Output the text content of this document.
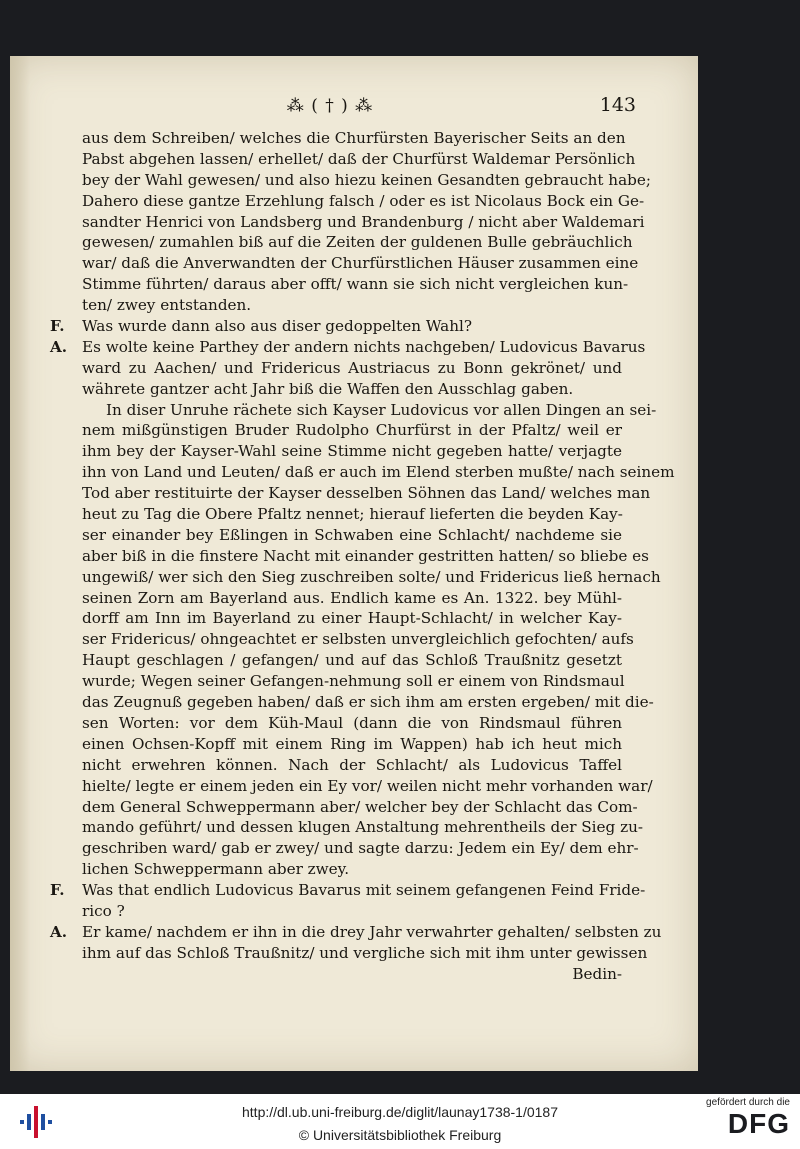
⁂ ( † ) ⁂	143
aus dem Schreiben/ welches die Churfürsten Bayerischer Seits an den
Pabst abgehen lassen/ erhellet/ daß der Churfürst Waldemar Persönlich
bey der Wahl gewesen/ und also hiezu keinen Gesandten gebraucht habe;
Dahero diese gantze Erzehlung falsch / oder es ist Nicolaus Bock ein Ge-
sandter Henrici von Landsberg und Brandenburg / nicht aber Waldemari
gewesen/ zumahlen biß auf die Zeiten der guldenen Bulle gebräuchlich
war/ daß die Anverwandten der Churfürstlichen Häuser zusammen eine
Stimme führten/ daraus aber offt/ wann sie sich nicht vergleichen kun-
ten/ zwey entstanden.
F.	Was wurde dann also aus diser gedoppelten Wahl?
A. Es wolte keine Parthey der andern nichts nachgeben/ Ludovicus Bavarus
ward zu Aachen/ und Fridericus Austriacus zu Bonn gekrönet/ und
währete gantzer acht Jahr biß die Waffen den Ausschlag gaben.
In diser Unruhe rächete sich Kayser Ludovicus vor allen Dingen an sei-
nem mißgünstigen Bruder Rudolpho Churfürst in der Pfaltz/ weil er
ihm bey der Kayser-Wahl seine Stimme nicht gegeben hatte/ verjagte
ihn von Land und Leuten/ daß er auch im Elend sterben mußte/ nach seinem
Tod aber restituirte der Kayser desselben Söhnen das Land/ welches man
heut zu Tag die Obere Pfaltz nennet; hierauf lieferten die beyden Kay-
ser einander bey Eßlingen in Schwaben eine Schlacht/ nachdeme sie
aber biß in die finstere Nacht mit einander gestritten hatten/ so bliebe es
ungewiß/ wer sich den Sieg zuschreiben solte/ und Fridericus ließ hernach
seinen Zorn am Bayerland aus. Endlich kame es An. 1322. bey Mühl-
dorff am Inn im Bayerland zu einer Haupt-Schlacht/ in welcher Kay-
ser Fridericus/ ohngeachtet er selbsten unvergleichlich gefochten/ aufs
Haupt geschlagen / gefangen/ und auf das Schloß Traußnitz gesetzt
wurde; Wegen seiner Gefangen-nehmung soll er einem von Rindsmaul
das Zeugnuß gegeben haben/ daß er sich ihm am ersten ergeben/ mit die-
sen Worten: vor dem Küh-Maul (dann die von Rindsmaul führen
einen Ochsen-Kopff mit einem Ring im Wappen) hab ich heut mich
nicht erwehren können. Nach der Schlacht/ als Ludovicus Taffel
hielte/ legte er einem jeden ein Ey vor/ weilen nicht mehr vorhanden war/
dem General Schweppermann aber/ welcher bey der Schlacht das Com-
mando geführt/ und dessen klugen Anstaltung mehrentheils der Sieg zu-
geschriben ward/ gab er zwey/ und sagte darzu: Jedem ein Ey/ dem ehr-
lichen Schweppermann aber zwey.
F.	Was that endlich Ludovicus Bavarus mit seinem gefangenen Feind Fride-
rico ?
A. Er kame/ nachdem er ihn in die drey Jahr verwahrter gehalten/ selbsten zu
ihm auf das Schloß Traußnitz/ und vergliche sich mit ihm unter gewissen
Bedin-
http://dl.ub.uni-freiburg.de/diglit/launay1738-1/0187
© Universitätsbibliothek Freiburg
gefördert durch die
DFG
